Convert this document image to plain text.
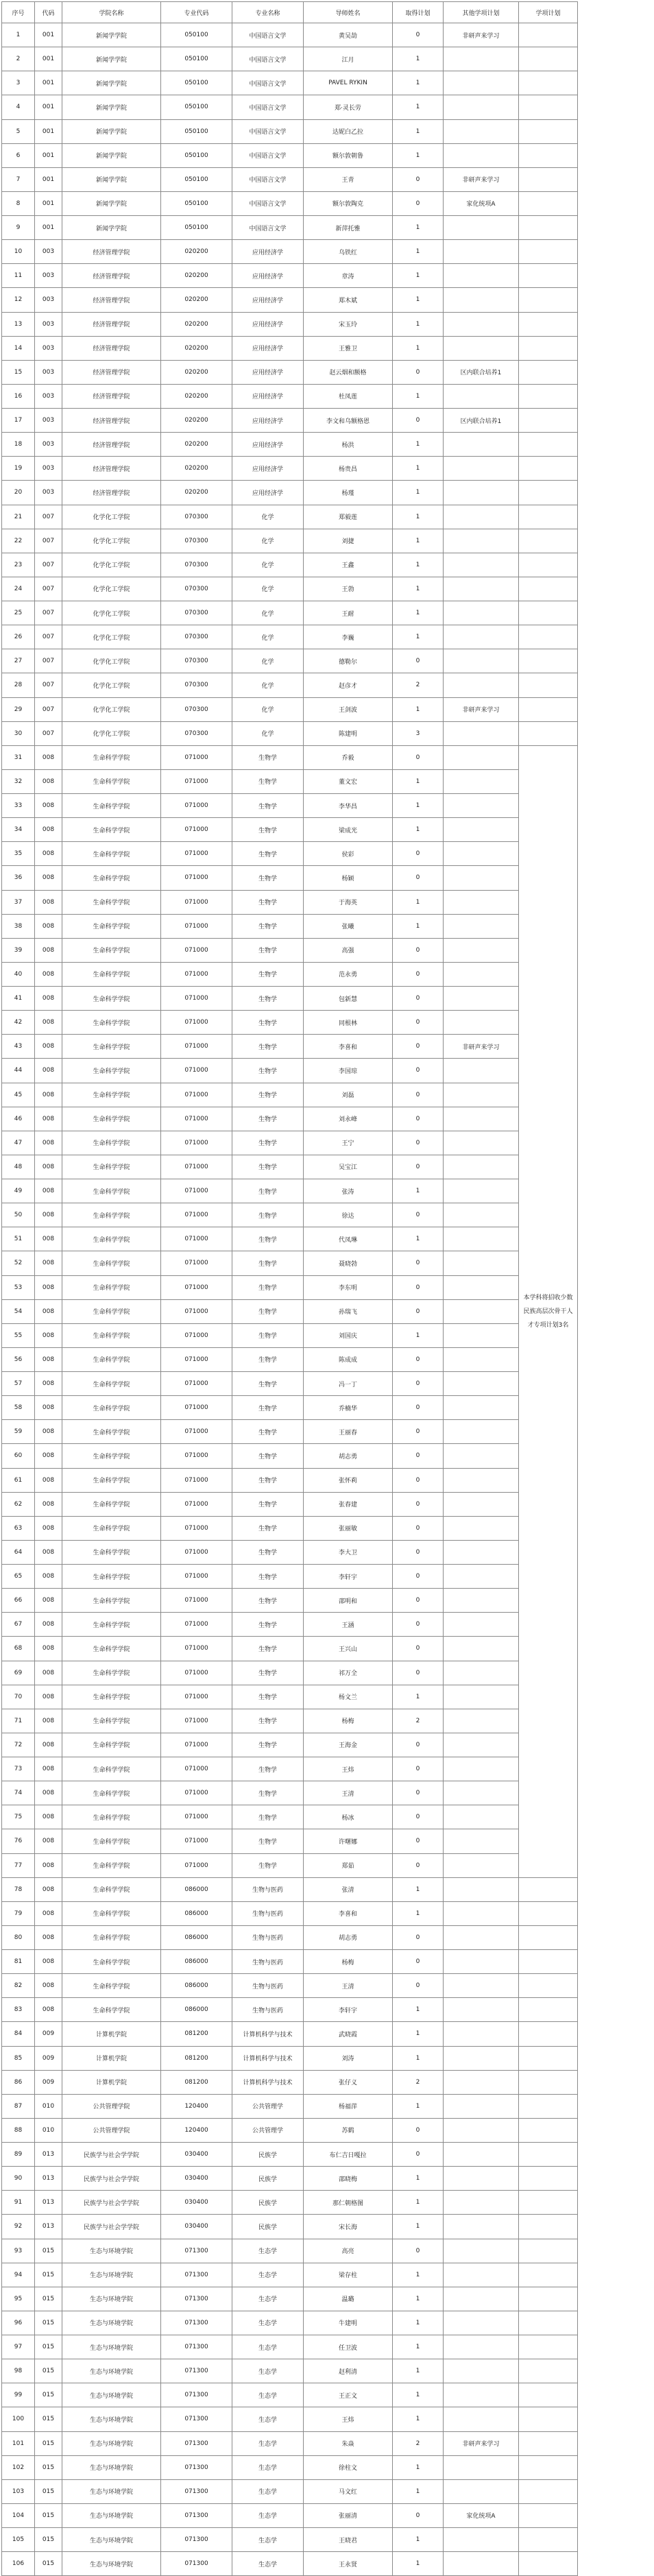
序号	代码	学院名称	专业代码	专业名称	导师姓名	取得计划	其他学项计划	学项计划
1	001	新闻学学院	050100	中国语言文学	黄吴劼	0	非研声来学习	
2	001	新闻学学院	050100	中国语言文学	江月	1		
3	001	新闻学学院	050100	中国语言文学	PAVEL RYKIN	1		
4	001	新闻学学院	050100	中国语言文学	郑·灵长劳	1		
5	001	新闻学学院	050100	中国语言文学	达妮白乙拉	1		
6	001	新闻学学院	050100	中国语言文学	额尔敦朝鲁	1		
7	001	新闻学学院	050100	中国语言文学	王青	0	非研声来学习	
8	001	新闻学学院	050100	中国语言文学	额尔敦陶克	0	家化统项A	
9	001	新闻学学院	050100	中国语言文学	新萍托雅	1		
10	003	经济管理学院	020200	应用经济学	乌铁红	1		
11	003	经济管理学院	020200	应用经济学	章涛	1		
12	003	经济管理学院	020200	应用经济学	郑木斌	1		
13	003	经济管理学院	020200	应用经济学	宋玉玲	1		
14	003	经济管理学院	020200	应用经济学	王雅卫	1		
15	003	经济管理学院	020200	应用经济学	赵云烟和额格	0	区内联合培养1	
16	003	经济管理学院	020200	应用经济学	杜凤莲	1		
17	003	经济管理学院	020200	应用经济学	李文和乌额格恩	0	区内联合培养1	
18	003	经济管理学院	020200	应用经济学	杨洪	1		
19	003	经济管理学院	020200	应用经济学	杨贵昌	1		
20	003	经济管理学院	020200	应用经济学	杨瑾	1		
21	007	化学化工学院	070300	化学	郑毅莲	1		
22	007	化学化工学院	070300	化学	刘捷	1		
23	007	化学化工学院	070300	化学	王鑫	1		
24	007	化学化工学院	070300	化学	王勃	1		
25	007	化学化工学院	070300	化学	王耐	1		
26	007	化学化工学院	070300	化学	李巍	1		
27	007	化学化工学院	070300	化学	德勒尔	0		
28	007	化学化工学院	070300	化学	赵彦才	2		
29	007	化学化工学院	070300	化学	王剑波	1	非研声来学习	
30	007	化学化工学院	070300	化学	陈建明	3		
31	008	生命科学学院	071000	生物学	乔毅	0		本学科将招收少数民族高层次骨干人才专项计划3名
32	008	生命科学学院	071000	生物学	董文宏	1		
33	008	生命科学学院	071000	生物学	李华昌	1		
34	008	生命科学学院	071000	生物学	梁成光	1		
35	008	生命科学学院	071000	生物学	侯彩	0		
36	008	生命科学学院	071000	生物学	杨颖	0		
37	008	生命科学学院	071000	生物学	于海英	1		
38	008	生命科学学院	071000	生物学	张曦	1		
39	008	生命科学学院	071000	生物学	高强	0		
40	008	生命科学学院	071000	生物学	范永勇	0		
41	008	生命科学学院	071000	生物学	包新慧	0		
42	008	生命科学学院	071000	生物学	同根林	0		
43	008	生命科学学院	071000	生物学	李喜和	0	非研声来学习	
44	008	生命科学学院	071000	生物学	李国琼	0		
45	008	生命科学学院	071000	生物学	刘磊	0		
46	008	生命科学学院	071000	生物学	刘永峰	0		
47	008	生命科学学院	071000	生物学	王宁	0		
48	008	生命科学学院	071000	生物学	吴宝江	0		
49	008	生命科学学院	071000	生物学	张涛	1		
50	008	生命科学学院	071000	生物学	徐达	0		
51	008	生命科学学院	071000	生物学	代凤琳	1		
52	008	生命科学学院	071000	生物学	聂晓勃	0		
53	008	生命科学学院	071000	生物学	李东明	0		
54	008	生命科学学院	071000	生物学	孙瑞飞	0		
55	008	生命科学学院	071000	生物学	刘国庆	1		
56	008	生命科学学院	071000	生物学	陈成成	0		
57	008	生命科学学院	071000	生物学	冯一丁	0		
58	008	生命科学学院	071000	生物学	乔楠华	0		
59	008	生命科学学院	071000	生物学	王丽春	0		
60	008	生命科学学院	071000	生物学	胡志勇	0		
61	008	生命科学学院	071000	生物学	张怀莉	0		
62	008	生命科学学院	071000	生物学	张春建	0		
63	008	生命科学学院	071000	生物学	张丽敏	0		
64	008	生命科学学院	071000	生物学	李大卫	0		
65	008	生命科学学院	071000	生物学	李轩宇	0		
66	008	生命科学学院	071000	生物学	邵明和	0		
67	008	生命科学学院	071000	生物学	王涵	0		
68	008	生命科学学院	071000	生物学	王兴山	0		
69	008	生命科学学院	071000	生物学	祁万全	0		
70	008	生命科学学院	071000	生物学	杨文兰	1		
71	008	生命科学学院	071000	生物学	杨梅	2		
72	008	生命科学学院	071000	生物学	王海金	0		
73	008	生命科学学院	071000	生物学	王炜	0		
74	008	生命科学学院	071000	生物学	王清	0		
75	008	生命科学学院	071000	生物学	杨冰	0		
76	008	生命科学学院	071000	生物学	许曙娜	0		
77	008	生命科学学院	071000	生物学	郑茹	0		
78	008	生命科学学院	086000	生物与医药	张清	1		
79	008	生命科学学院	086000	生物与医药	李喜和	1		
80	008	生命科学学院	086000	生物与医药	胡志勇	0		
81	008	生命科学学院	086000	生物与医药	杨梅	0		
82	008	生命科学学院	086000	生物与医药	王清	0		
83	008	生命科学学院	086000	生物与医药	李轩宇	1		
84	009	计算机学院	081200	计算机科学与技术	武晓霞	1		
85	009	计算机学院	081200	计算机科学与技术	刘涛	1		
86	009	计算机学院	081200	计算机科学与技术	张仔义	2		
87	010	公共管理学院	120400	公共管理学	杨福萍	1		
88	010	公共管理学院	120400	公共管理学	苏鹤	0		
89	013	民族学与社会学学院	030400	民族学	布仁吉日嘎拉	0		
90	013	民族学与社会学学院	030400	民族学	邵晓梅	1		
91	013	民族学与社会学学院	030400	民族学	那仁朝格图	1		
92	013	民族学与社会学学院	030400	民族学	宋长海	1		
93	015	生态与环境学院	071300	生态学	高亮	0		
94	015	生态与环境学院	071300	生态学	梁存柱	1		
95	015	生态与环境学院	071300	生态学	温璐	1		
96	015	生态与环境学院	071300	生态学	牛建明	1		
97	015	生态与环境学院	071300	生态学	任卫波	1		
98	015	生态与环境学院	071300	生态学	赵利清	1		
99	015	生态与环境学院	071300	生态学	王正文	1		
100	015	生态与环境学院	071300	生态学	王炜	1		
101	015	生态与环境学院	071300	生态学	朱焱	2	非研声来学习	
102	015	生态与环境学院	071300	生态学	徐柱文	1		
103	015	生态与环境学院	071300	生态学	马文红	1		
104	015	生态与环境学院	071300	生态学	张丽清	0	家化统项A	
105	015	生态与环境学院	071300	生态学	王晓君	1		
106	015	生态与环境学院	071300	生态学	王永贤	1		
